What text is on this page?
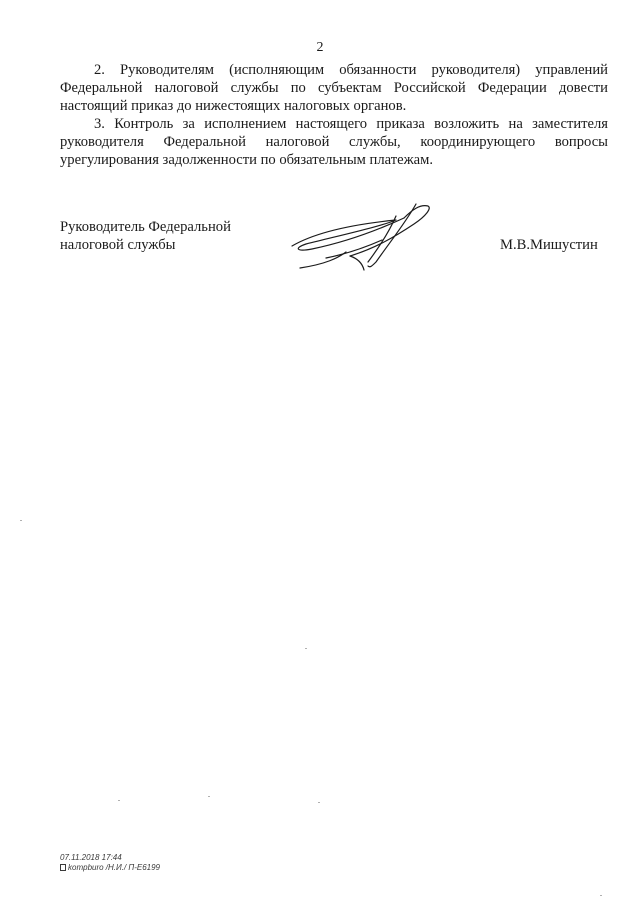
2

2. Руководителям (исполняющим обязанности руководителя) управлений Федеральной налоговой службы по субъектам Российской Федерации довести настоящий приказ до нижестоящих налоговых органов.

3. Контроль за исполнением настоящего приказа возложить на заместителя руководителя Федеральной налоговой службы, координирующего вопросы урегулирования задолженности по обязательным платежам.

Руководитель Федеральной
налоговой службы	М.В.Мишустин
07.11.2018 17:44
kompburo /Н.И./ П-Е6199
